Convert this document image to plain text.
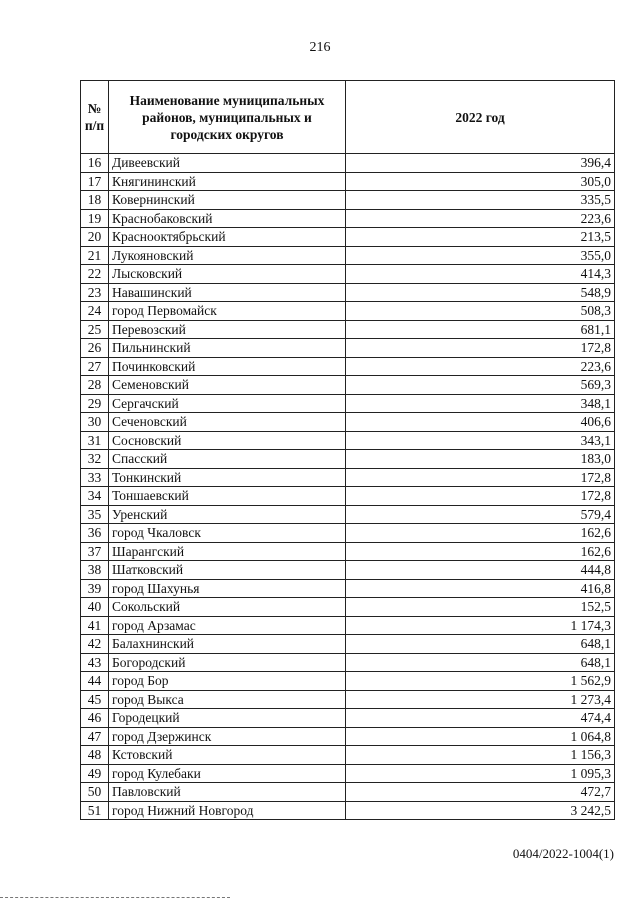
216
№ п/п	Наименование муниципальных районов, муниципальных и городских округов	2022 год
16	Дивеевский	396,4
17	Княгининский	305,0
18	Ковернинский	335,5
19	Краснобаковский	223,6
20	Краснооктябрьский	213,5
21	Лукояновский	355,0
22	Лысковский	414,3
23	Навашинский	548,9
24	город Первомайск	508,3
25	Перевозский	681,1
26	Пильнинский	172,8
27	Починковский	223,6
28	Семеновский	569,3
29	Сергачский	348,1
30	Сеченовский	406,6
31	Сосновский	343,1
32	Спасский	183,0
33	Тонкинский	172,8
34	Тоншаевский	172,8
35	Уренский	579,4
36	город Чкаловск	162,6
37	Шарангский	162,6
38	Шатковский	444,8
39	город Шахунья	416,8
40	Сокольский	152,5
41	город Арзамас	1 174,3
42	Балахнинский	648,1
43	Богородский	648,1
44	город Бор	1 562,9
45	город Выкса	1 273,4
46	Городецкий	474,4
47	город Дзержинск	1 064,8
48	Кстовский	1 156,3
49	город Кулебаки	1 095,3
50	Павловский	472,7
51	город Нижний Новгород	3 242,5
0404/2022-1004(1)
